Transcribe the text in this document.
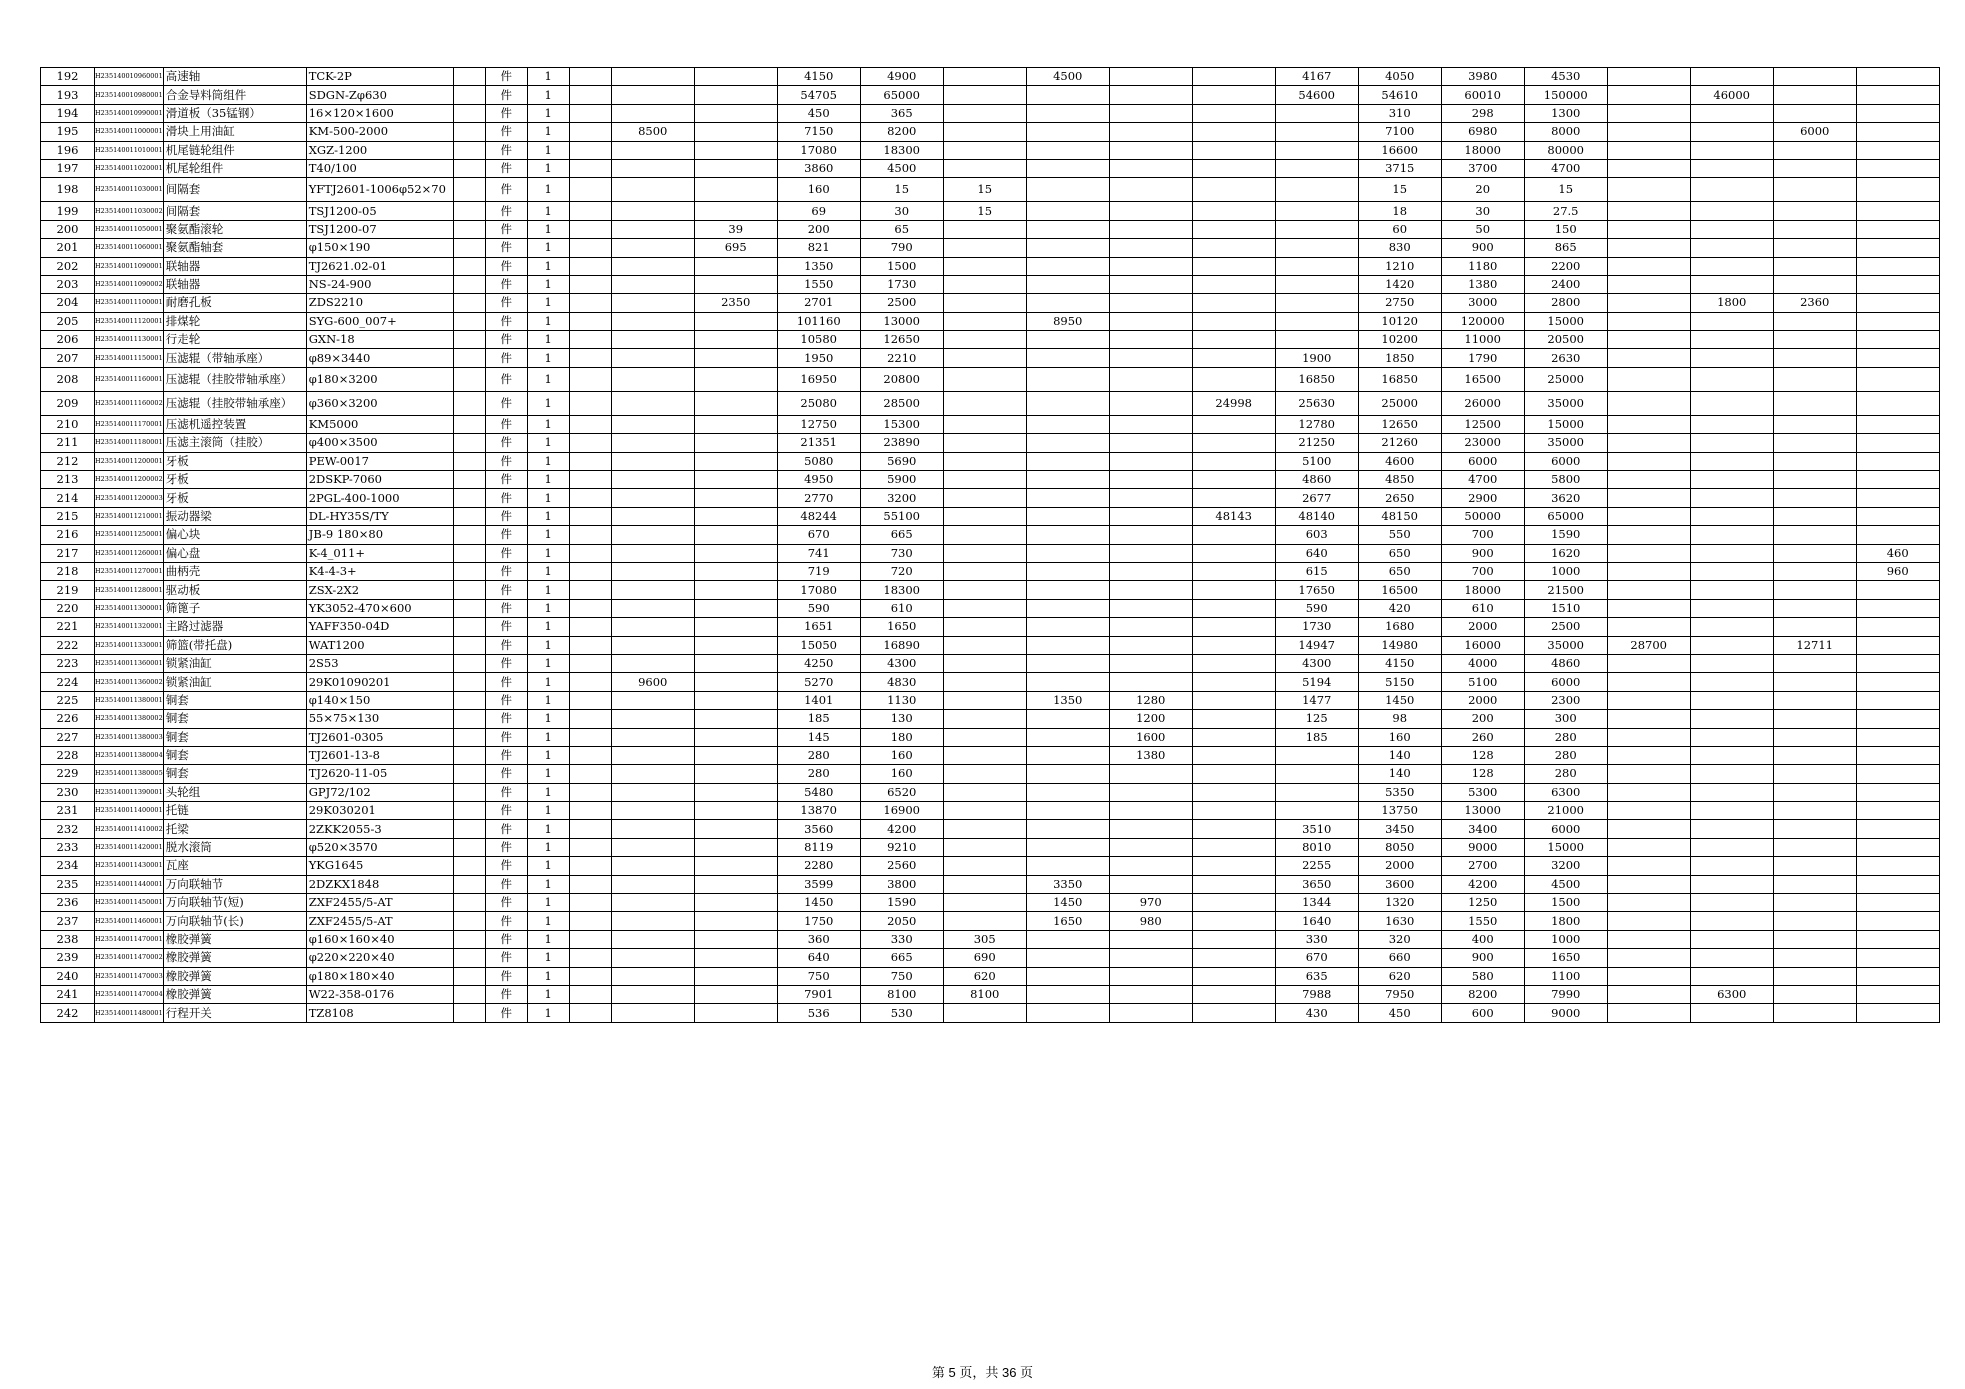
192	H235140010960001	高速轴	TCK-2P		件	1				4150	4900		4500			4167	4050	3980	4530				
193	H235140010980001	合金导料筒组件	SDGN-Zφ630		件	1				54705	65000					54600	54610	60010	150000		46000		
194	H235140010990001	滑道板（35锰钢）	16×120×1600		件	1				450	365						310	298	1300				
195	H235140011000001	滑块上用油缸	KM-500-2000		件	1		8500		7150	8200						7100	6980	8000			6000	
196	H235140011010001	机尾链轮组件	XGZ-1200		件	1				17080	18300						16600	18000	80000				
197	H235140011020001	机尾轮组件	T40/100		件	1				3860	4500						3715	3700	4700				
198	H235140011030001	间隔套	YFTJ2601-1006φ52×70		件	1				160	15	15					15	20	15				
199	H235140011030002	间隔套	TSJ1200-05		件	1				69	30	15					18	30	27.5				
200	H235140011050001	聚氨酯滚轮	TSJ1200-07		件	1			39	200	65						60	50	150				
201	H235140011060001	聚氨酯轴套	φ150×190		件	1			695	821	790						830	900	865				
202	H235140011090001	联轴器	TJ2621.02-01		件	1				1350	1500						1210	1180	2200				
203	H235140011090002	联轴器	NS-24-900		件	1				1550	1730						1420	1380	2400				
204	H235140011100001	耐磨孔板	ZDS2210		件	1			2350	2701	2500						2750	3000	2800		1800	2360	
205	H235140011120001	排煤轮	SYG-600_007+		件	1				101160	13000		8950				10120	120000	15000				
206	H235140011130001	行走轮	GXN-18		件	1				10580	12650						10200	11000	20500				
207	H235140011150001	压滤辊（带轴承座）	φ89×3440		件	1				1950	2210					1900	1850	1790	2630				
208	H235140011160001	压滤辊（挂胶带轴承座）	φ180×3200		件	1				16950	20800					16850	16850	16500	25000				
209	H235140011160002	压滤辊（挂胶带轴承座）	φ360×3200		件	1				25080	28500				24998	25630	25000	26000	35000				
210	H235140011170001	压滤机遥控装置	KM5000		件	1				12750	15300					12780	12650	12500	15000				
211	H235140011180001	压滤主滚筒（挂胶）	φ400×3500		件	1				21351	23890					21250	21260	23000	35000				
212	H235140011200001	牙板	PEW-0017		件	1				5080	5690					5100	4600	6000	6000				
213	H235140011200002	牙板	2DSKP-7060		件	1				4950	5900					4860	4850	4700	5800				
214	H235140011200003	牙板	2PGL-400-1000		件	1				2770	3200					2677	2650	2900	3620				
215	H235140011210001	振动器梁	DL-HY35S/TY		件	1				48244	55100				48143	48140	48150	50000	65000				
216	H235140011250001	偏心块	JB-9 180×80		件	1				670	665					603	550	700	1590				
217	H235140011260001	偏心盘	K-4_011+		件	1				741	730					640	650	900	1620				460
218	H235140011270001	曲柄壳	K4-4-3+		件	1				719	720					615	650	700	1000				960
219	H235140011280001	驱动板	ZSX-2X2		件	1				17080	18300					17650	16500	18000	21500				
220	H235140011300001	筛篦子	YK3052-470×600		件	1				590	610					590	420	610	1510				
221	H235140011320001	主路过滤器	YAFF350-04D		件	1				1651	1650					1730	1680	2000	2500				
222	H235140011330001	筛篮(带托盘)	WAT1200		件	1				15050	16890					14947	14980	16000	35000	28700		12711	
223	H235140011360001	锁紧油缸	2S53		件	1				4250	4300					4300	4150	4000	4860				
224	H235140011360002	锁紧油缸	29K01090201		件	1		9600		5270	4830					5194	5150	5100	6000				
225	H235140011380001	铜套	φ140×150		件	1				1401	1130		1350	1280		1477	1450	2000	2300				
226	H235140011380002	铜套	55×75×130		件	1				185	130			1200		125	98	200	300				
227	H235140011380003	铜套	TJ2601-0305		件	1				145	180			1600		185	160	260	280				
228	H235140011380004	铜套	TJ2601-13-8		件	1				280	160			1380			140	128	280				
229	H235140011380005	铜套	TJ2620-11-05		件	1				280	160						140	128	280				
230	H235140011390001	头轮组	GPJ72/102		件	1				5480	6520						5350	5300	6300				
231	H235140011400001	托链	29K030201		件	1				13870	16900						13750	13000	21000				
232	H235140011410002	托梁	2ZKK2055-3		件	1				3560	4200					3510	3450	3400	6000				
233	H235140011420001	脱水滚筒	φ520×3570		件	1				8119	9210					8010	8050	9000	15000				
234	H235140011430001	瓦座	YKG1645		件	1				2280	2560					2255	2000	2700	3200				
235	H235140011440001	万向联轴节	2DZKX1848		件	1				3599	3800		3350			3650	3600	4200	4500				
236	H235140011450001	万向联轴节(短)	ZXF2455/5-AT		件	1				1450	1590		1450	970		1344	1320	1250	1500				
237	H235140011460001	万向联轴节(长)	ZXF2455/5-AT		件	1				1750	2050		1650	980		1640	1630	1550	1800				
238	H235140011470001	橡胶弹簧	φ160×160×40		件	1				360	330	305				330	320	400	1000				
239	H235140011470002	橡胶弹簧	φ220×220×40		件	1				640	665	690				670	660	900	1650				
240	H235140011470003	橡胶弹簧	φ180×180×40		件	1				750	750	620				635	620	580	1100				
241	H235140011470004	橡胶弹簧	W22-358-0176		件	1				7901	8100	8100				7988	7950	8200	7990		6300		
242	H235140011480001	行程开关	TZ8108		件	1				536	530					430	450	600	9000				
第 5 页，共 36 页
